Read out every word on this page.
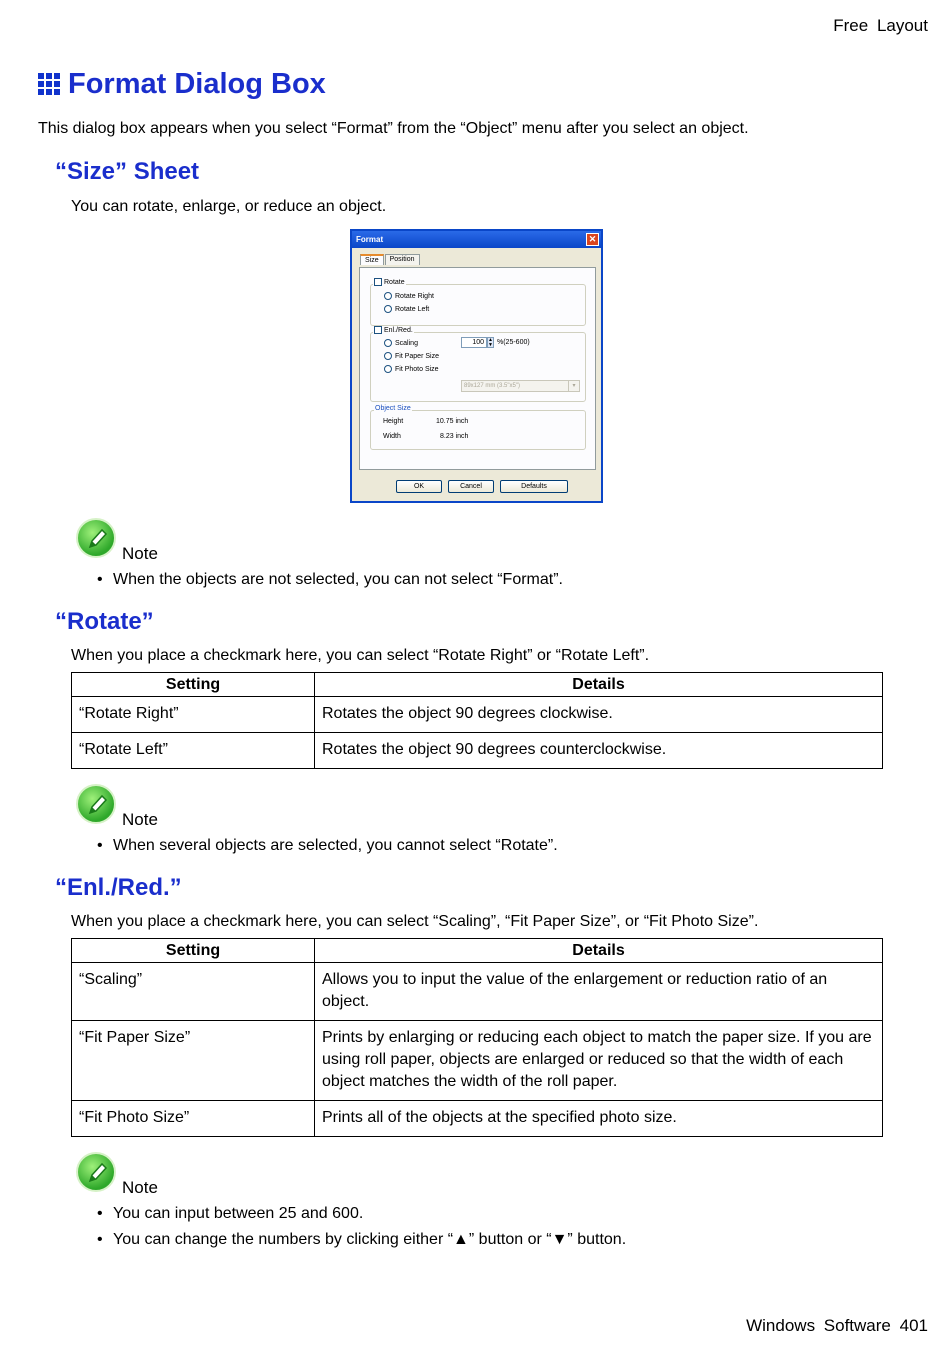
Free Layout
Format Dialog Box
This dialog box appears when you select “Format” from the “Object” menu after you select an object.
“Size” Sheet
You can rotate, enlarge, or reduce an object.
Format	✕
Size	Position
Rotate
Rotate Right
Rotate Left
Enl./Red.
Scaling	100 ▲
▼ %(25-600)
Fit Paper Size
Fit Photo Size
89x127 mm (3.5"x5")	▾
Object Size
Height	10.75 inch
Width	8.23 inch
OK	Cancel	Defaults
Note
• When the objects are not selected, you can not select “Format”.
“Rotate”
When you place a checkmark here, you can select “Rotate Right” or “Rotate Left”.
Setting	Details
“Rotate Right”	Rotates the object 90 degrees clockwise.
“Rotate Left”	Rotates the object 90 degrees counterclockwise.
Note
• When several objects are selected, you cannot select “Rotate”.
“Enl./Red.”
When you place a checkmark here, you can select “Scaling”, “Fit Paper Size”, or “Fit Photo Size”.
Setting	Details
“Scaling”	Allows you to input the value of the enlargement or reduction ratio of an object.
“Fit Paper Size”	Prints by enlarging or reducing each object to match the paper size. If you are using roll paper, objects are enlarged or reduced so that the width of each object matches the width of the roll paper.
“Fit Photo Size”	Prints all of the objects at the specified photo size.
Note
• You can input between 25 and 600.
• You can change the numbers by clicking either “▲” button or “▼” button.
Windows Software 401
